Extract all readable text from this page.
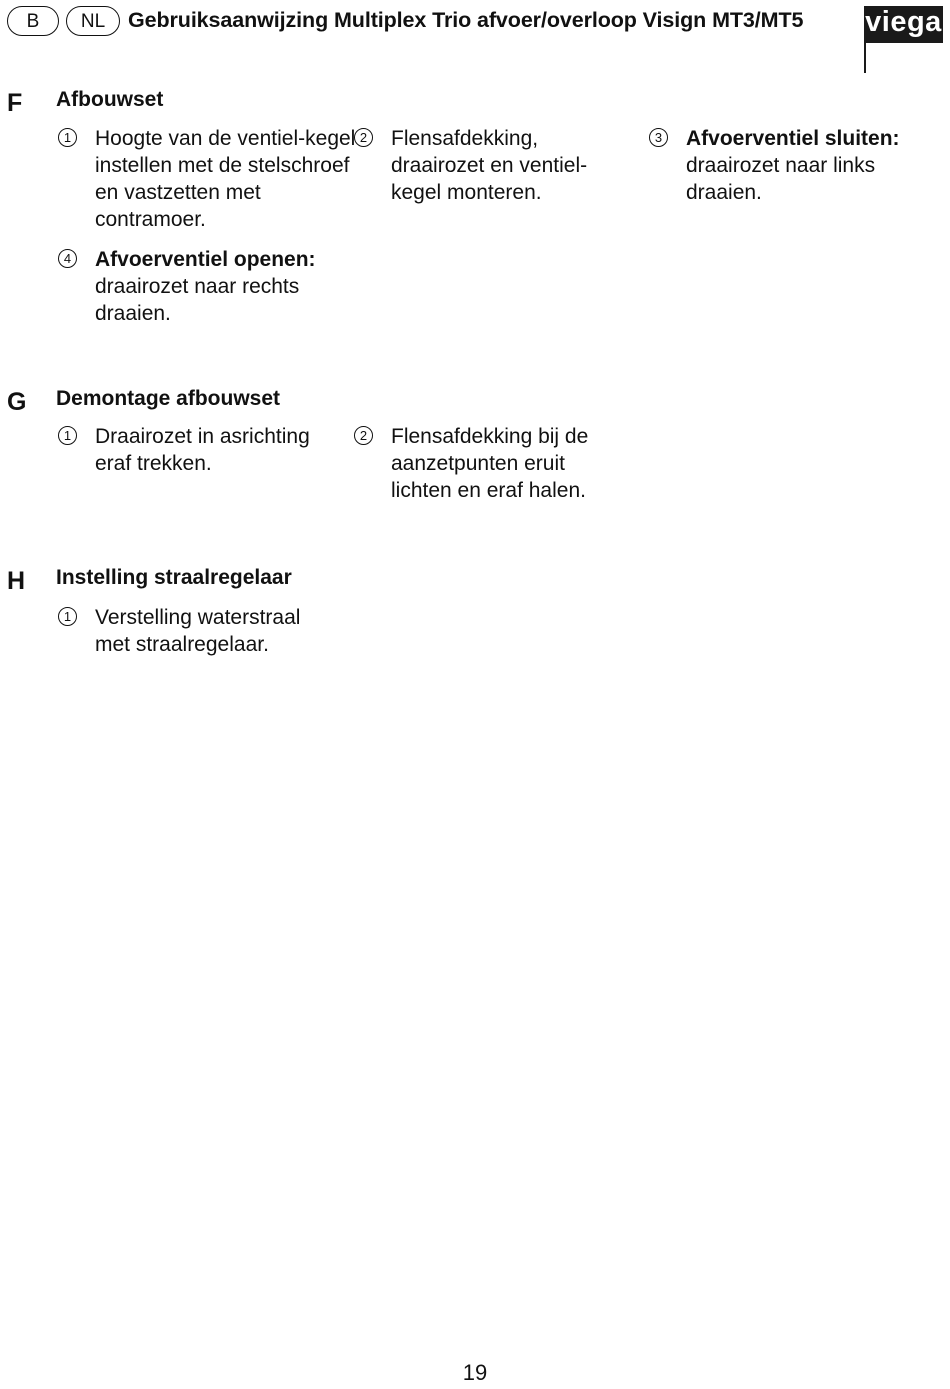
B	NL	Gebruiksaanwijzing Multiplex Trio afvoer/overloop Visign MT3/MT5 viega
F Afbouwset
1 Hoogte van de ventiel-kegel instellen met de stelschroef en vastzetten met contramoer.
2 Flensafdekking, draairozet en ventiel-kegel monteren.
3 Afvoerventiel sluiten:
draairozet naar links draaien.
4 Afvoerventiel openen:
draairozet naar rechts draaien.
G Demontage afbouwset
1 Draairozet in asrichting eraf trekken.
2 Flensafdekking bij de aanzetpunten eruit lichten en eraf halen.
H Instelling straalregelaar
1 Verstelling waterstraal met straalregelaar.
19
